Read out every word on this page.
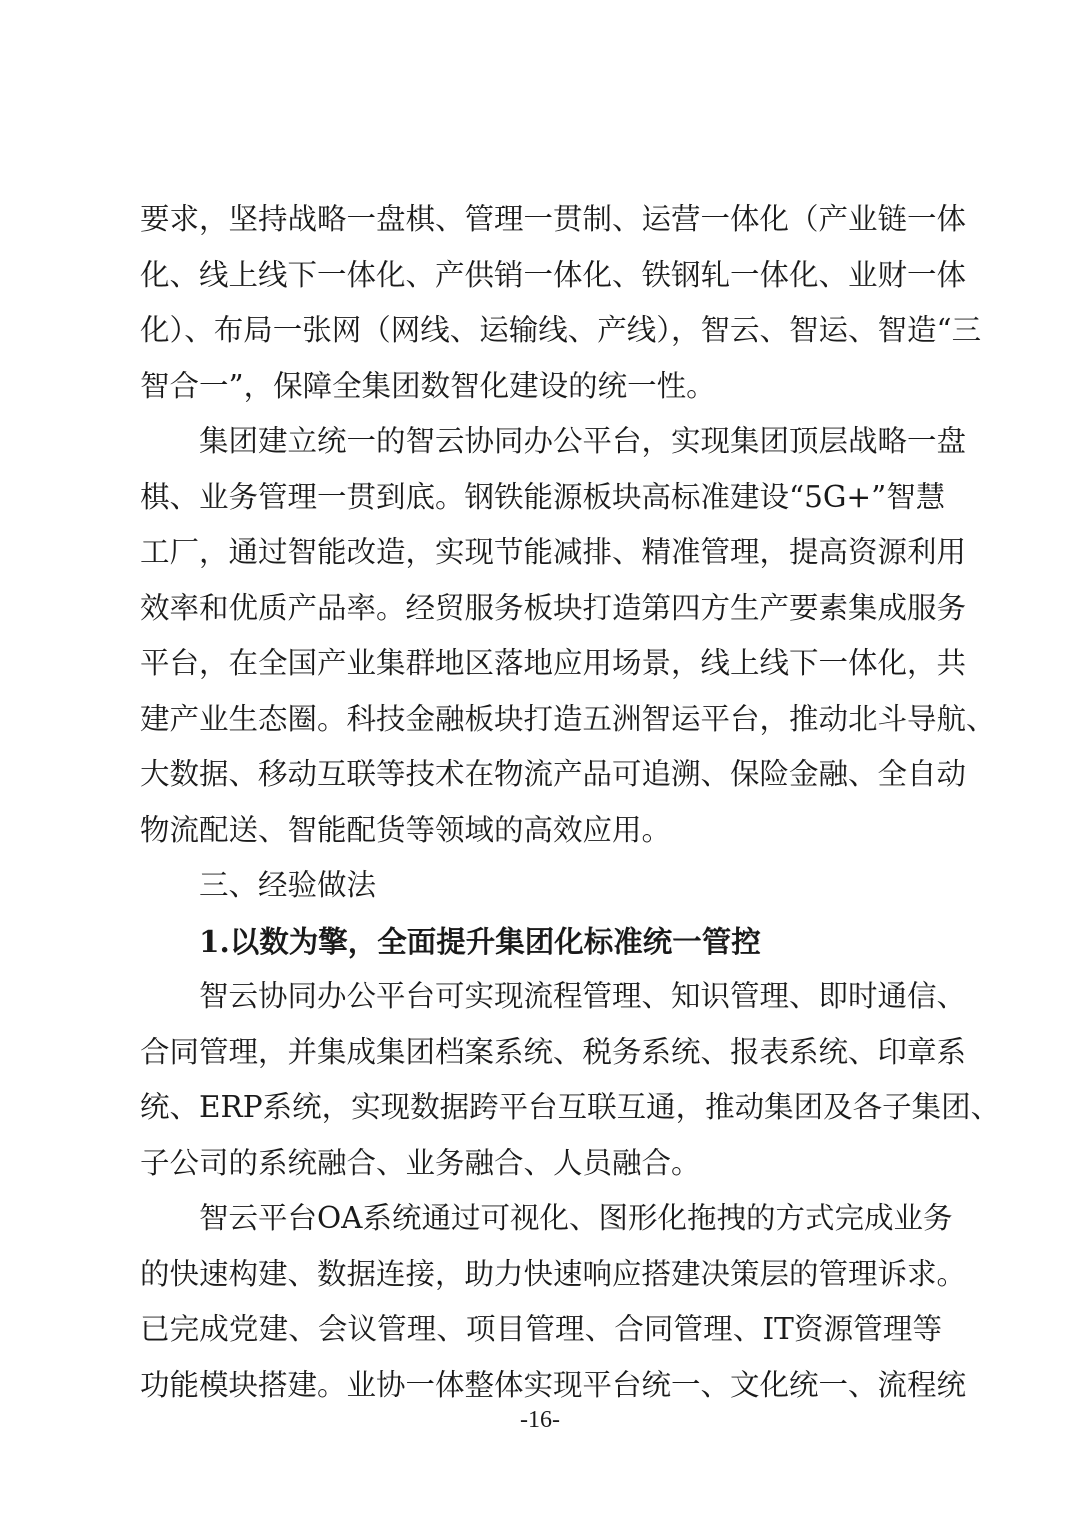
要求，坚持战略一盘棋、管理一贯制、运营一体化（产业链一体
化、线上线下一体化、产供销一体化、铁钢轧一体化、业财一体
化）、布局一张网（网线、运输线、产线），智云、智运、智造“三
智合一”，保障全集团数智化建设的统一性。
集团建立统一的智云协同办公平台，实现集团顶层战略一盘
棋、业务管理一贯到底。钢铁能源板块高标准建设“5G+”智慧
工厂，通过智能改造，实现节能减排、精准管理，提高资源利用
效率和优质产品率。经贸服务板块打造第四方生产要素集成服务
平台，在全国产业集群地区落地应用场景，线上线下一体化，共
建产业生态圈。科技金融板块打造五洲智运平台，推动北斗导航、
大数据、移动互联等技术在物流产品可追溯、保险金融、全自动
物流配送、智能配货等领域的高效应用。
三、经验做法
1.以数为擎，全面提升集团化标准统一管控
智云协同办公平台可实现流程管理、知识管理、即时通信、
合同管理，并集成集团档案系统、税务系统、报表系统、印章系
统、ERP系统，实现数据跨平台互联互通，推动集团及各子集团、
子公司的系统融合、业务融合、人员融合。
智云平台OA系统通过可视化、图形化拖拽的方式完成业务
的快速构建、数据连接，助力快速响应搭建决策层的管理诉求。
已完成党建、会议管理、项目管理、合同管理、IT资源管理等
功能模块搭建。业协一体整体实现平台统一、文化统一、流程统
-16-
